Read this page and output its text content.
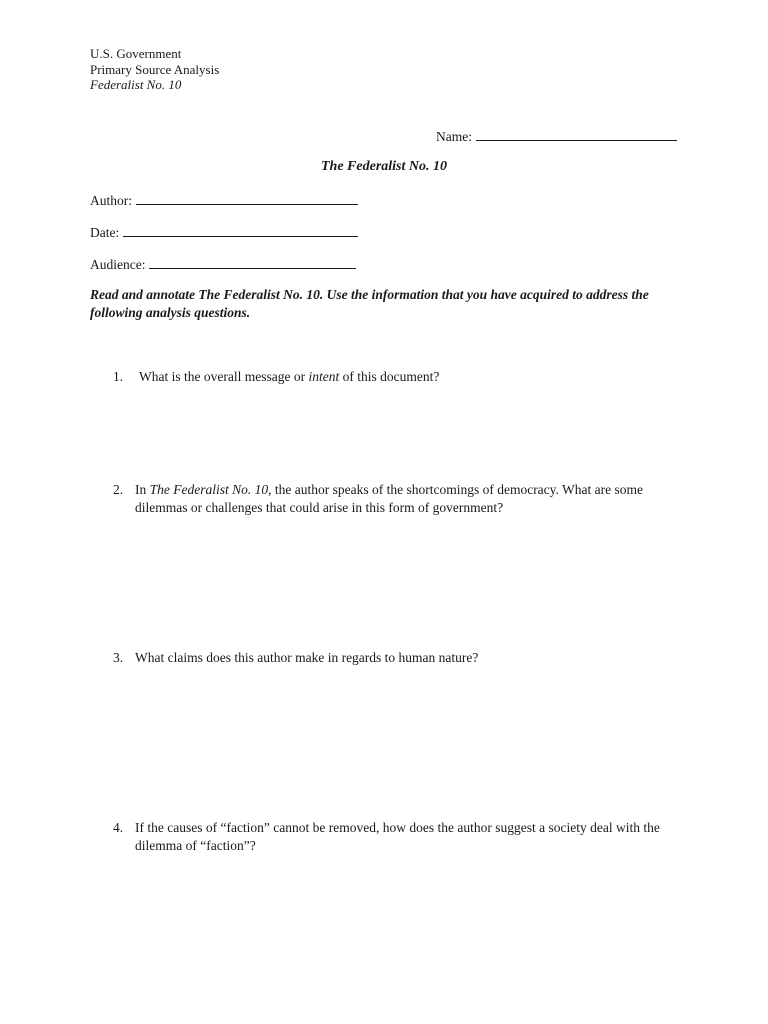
U.S. Government
Primary Source Analysis
Federalist No. 10
Name:
The Federalist No. 10
Author:
Date:
Audience:
Read and annotate The Federalist No. 10. Use the information that you have acquired to address the following analysis questions.
1. What is the overall message or intent of this document?
2. In The Federalist No. 10, the author speaks of the shortcomings of democracy. What are some dilemmas or challenges that could arise in this form of government?
3. What claims does this author make in regards to human nature?
4. If the causes of “faction” cannot be removed, how does the author suggest a society deal with the dilemma of “faction”?
